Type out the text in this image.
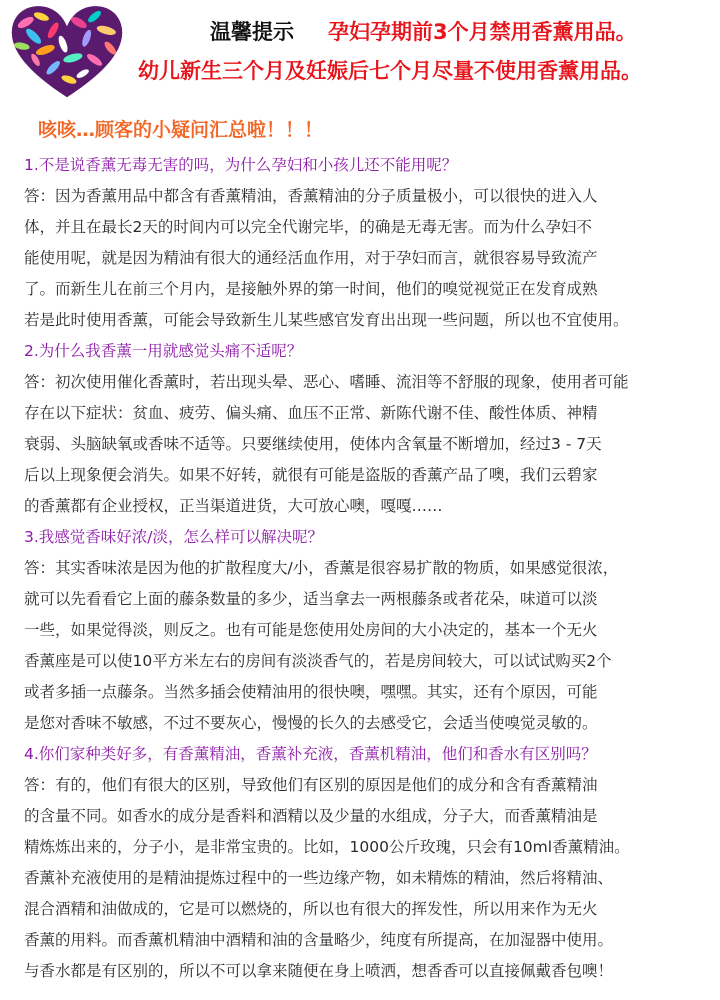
温馨提示 孕妇孕期前3个月禁用香薰用品。
幼儿新生三个月及妊娠后七个月尽量不使用香薰用品。
咳咳…顾客的小疑问汇总啦！！！
1.不是说香薰无毒无害的吗，为什么孕妇和小孩儿还不能用呢？
答：因为香薰用品中都含有香薰精油，香薰精油的分子质量极小，可以很快的进入人
体，并且在最长2天的时间内可以完全代谢完毕，的确是无毒无害。而为什么孕妇不
能使用呢，就是因为精油有很大的通经活血作用，对于孕妇而言，就很容易导致流产
了。而新生儿在前三个月内，是接触外界的第一时间，他们的嗅觉视觉正在发育成熟
若是此时使用香薰，可能会导致新生儿某些感官发育出出现一些问题，所以也不宜使用。
2.为什么我香薰一用就感觉头痛不适呢？
答：初次使用催化香薰时，若出现头晕、恶心、嗜睡、流泪等不舒服的现象，使用者可能
存在以下症状：贫血、疲劳、偏头痛、血压不正常、新陈代谢不佳、酸性体质、神精
衰弱、头脑缺氧或香味不适等。只要继续使用，使体内含氧量不断增加，经过3 - 7天
后以上现象便会消失。如果不好转，就很有可能是盗版的香薰产品了噢，我们云碧家
的香薰都有企业授权，正当渠道进货，大可放心噢，嘎嘎……
3.我感觉香味好浓/淡，怎么样可以解决呢？
答：其实香味浓是因为他的扩散程度大/小，香薰是很容易扩散的物质，如果感觉很浓，
就可以先看看它上面的藤条数量的多少，适当拿去一两根藤条或者花朵，味道可以淡
一些，如果觉得淡，则反之。也有可能是您使用处房间的大小决定的，基本一个无火
香薰座是可以使10平方米左右的房间有淡淡香气的，若是房间较大，可以试试购买2个
或者多插一点藤条。当然多插会使精油用的很快噢，嘿嘿。其实，还有个原因，可能
是您对香味不敏感，不过不要灰心，慢慢的长久的去感受它，会适当使嗅觉灵敏的。
4.你们家种类好多，有香薰精油，香薰补充液，香薰机精油，他们和香水有区别吗？
答：有的，他们有很大的区别，导致他们有区别的原因是他们的成分和含有香薰精油
的含量不同。如香水的成分是香料和酒精以及少量的水组成，分子大，而香薰精油是
精炼炼出来的，分子小，是非常宝贵的。比如，1000公斤玫瑰，只会有10ml香薰精油。
香薰补充液使用的是精油提炼过程中的一些边缘产物，如未精炼的精油，然后将精油、
混合酒精和油做成的，它是可以燃烧的，所以也有很大的挥发性，所以用来作为无火
香薰的用料。而香薰机精油中酒精和油的含量略少，纯度有所提高，在加湿器中使用。
与香水都是有区别的，所以不可以拿来随便在身上喷洒，想香香可以直接佩戴香包噢！
